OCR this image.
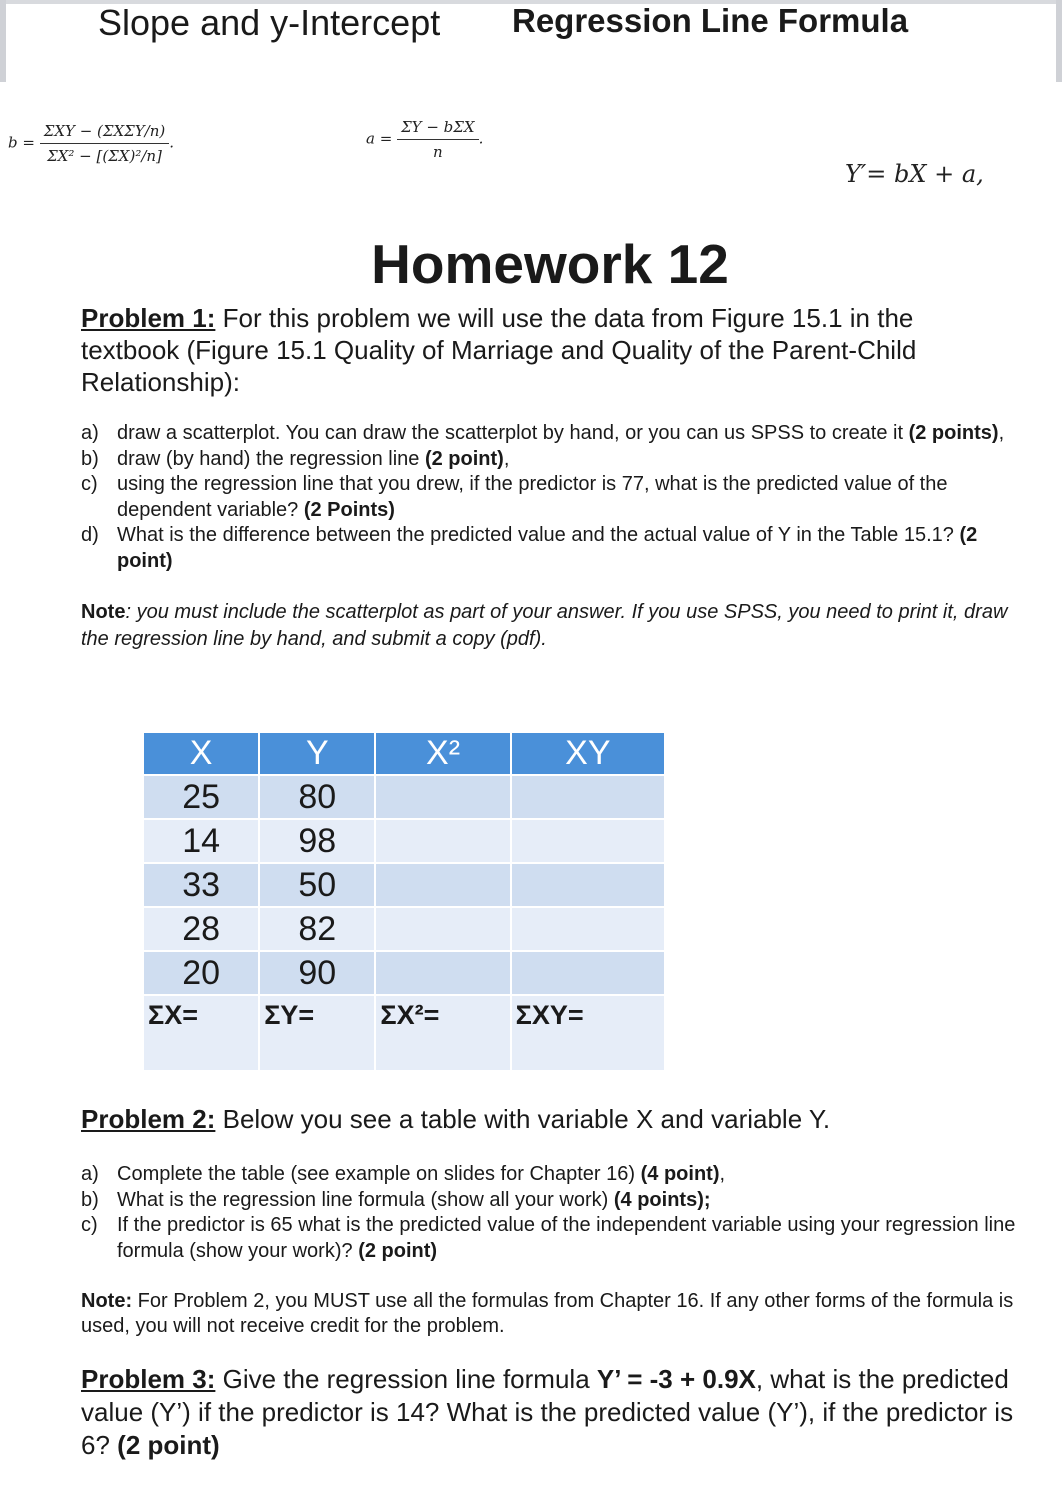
Slope and y-Intercept Regression Line Formula
$b = \frac{\text{ΣXY − (ΣXΣY/n)}}{\text{ΣX² − [(ΣX)²/n]}}$ .	$a = \frac{\text{ΣY − bΣX}}{n}$ .
Y′= bX + a,
Homework 12
Problem 1: For this problem we will use the data from Figure 15.1 in the textbook (Figure 15.1 Quality of Marriage and Quality of the Parent-Child Relationship):
a) draw a scatterplot. You can draw the scatterplot by hand, or you can us SPSS to create it (2 points),
b) draw (by hand) the regression line (2 point),
c) using the regression line that you drew, if the predictor is 77, what is the predicted value of the dependent variable? (2 Points)
d) What is the difference between the predicted value and the actual value of Y in the Table 15.1? (2 point)
Note: you must include the scatterplot as part of your answer. If you use SPSS, you need to print it, draw the regression line by hand, and submit a copy (pdf).
X	Y	X²	XY
25	80		
14	98		
33	50		
28	82		
20	90		
ΣX=	ΣY=	ΣX²=	ΣXY=
Problem 2: Below you see a table with variable X and variable Y.
a) Complete the table (see example on slides for Chapter 16) (4 point),
b) What is the regression line formula (show all your work) (4 points);
c) If the predictor is 65 what is the predicted value of the independent variable using your regression line formula (show your work)? (2 point)
Note: For Problem 2, you MUST use all the formulas from Chapter 16. If any other forms of the formula is used, you will not receive credit for the problem.
Problem 3: Give the regression line formula Y’ = -3 + 0.9X, what is the predicted value (Y’) if the predictor is 14? What is the predicted value (Y’), if the predictor is 6? (2 point)
